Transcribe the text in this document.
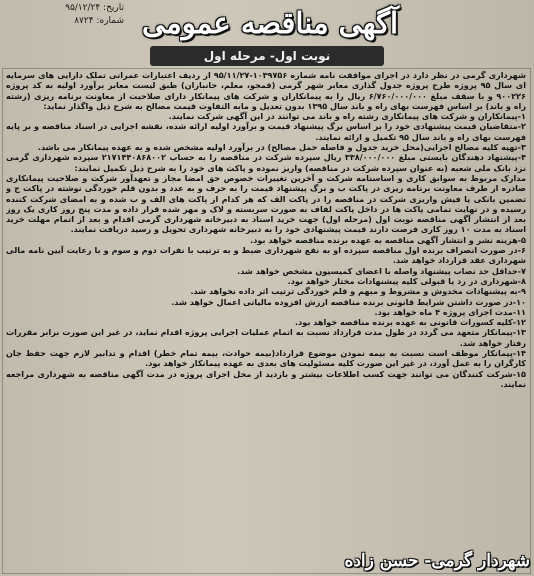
تاریخ: ۹۵/۱۲/۲۴
شماره: ۸۷۲۴ آگهی مناقصه عمومی
نوبت اول- مرحله اول

شهرداری گرمی در نظر دارد در اجرای موافقت نامه شماره ۱۰۳۹۷۵۶-۹۵/۱۱/۲۷ از ردیف اعتبارات عمرانی تملک دارایی های سرمایه ای سال ۹۵ پروژه طرح پروژه جدول گذاری معابر شهر گرمی (قمجو، معلم، جانبازان) طبق لیست معابر برآورد اولیه به کد پروژه ۹۰۰۲۲۶ و با سقف مبلغ ۶/۷۶۰/۰۰۰/۰۰۰ ریال را به پیمانکاران و شرکت های پیمانکار دارای صلاحیت از معاونت برنامه ریزی (رشته راه و باند) بر اساس فهرست بهای راه و باند سال ۱۳۹۵ بدون تعدیل و مابه التفاوت قیمت مصالح به شرح ذیل واگذار نماید:

۱-پیمانکاران و شرکت های پیمانکاری رشته راه و باند می توانند در این آگهی شرکت نمایند.

۲-متقاضیان قیمت پیشنهادی خود را بر اساس برگ پیشنهاد قیمت و برآورد اولیه ارائه شده، نقشه اجرایی در اسناد مناقصه و بر پایه فهرست بهای راه و باند سال ۹۵ تکمیل و ارائه نمایند.

۳-تهیه کلیه مصالح اجرایی(محل خرید جدول و فاصله حمل مصالح) در برآورد اولیه مشخص شده و به عهده پیمانکار می باشد.

۴-پیشنهاد دهندگان بایستی مبلغ ۳۳۸/۰۰۰/۰۰۰ ریال سپرده شرکت در مناقصه را به حساب ۲۱۷۱۴۴۰۸۶۸۰۰۲ سپرده شهرداری گرمی نزد بانک ملی شعبه (به عنوان سپرده شرکت در مناقصه) واریز نموده و پاکت های خود را به شرح ذیل تکمیل نمایند:

مدارک مربوط به سوابق کاری و اساسنامه شرکت و آخرین تغییرات خصوص حق امضا مجاز و تعهدآور شرکت و صلاحیت پیمانکاری صادره از طرف معاونت برنامه ریزی در پاکت ب و برگ پیشنهاد قیمت را به حرف و به عدد و بدون قلم خوردگی نوشته در پاکت ج و تضمین بانکی یا فیش واریزی شرکت در مناقصه را در پاکت الف که هر کدام از پاکت های الف و ب شده و به امضای شرکت کننده رسیده و در نهایت تمامی پاکت ها در داخل پاکت لفاف به صورت سربسته و لاک و مهر شده قرار داده و مدت پنج روز کاری یک روز بعد از انتشار آگهی مناقصه نوبت اول (مرحله اول) جهت خرید اسناد به دبیرخانه شهرداری گرمی اقدام و بعد از اتمام مهلت خرید اسناد به مدت ۱۰ روز کاری فرصت دارند قیمت پیشنهادی خود را به دبیرخانه شهرداری تحویل و رسید دریافت نمایند.

۵-هزینه نشر و انتشار آگهی مناقصه به عهده برنده مناقصه خواهد بود.

۶-در صورت انصراف برنده اول مناقصه سپرده او به نفع شهرداری ضبط و به ترتیب با نفرات دوم و سوم و با رعایت آیین نامه مالی شهرداری عقد قرارداد خواهد شد.

۷-حداقل حد نصاب پیشنهاد واصله با اعضای کمیسیون مشخص خواهد شد.

۸-شهرداری در رد یا قبولی کلیه پیشنهادات مختار خواهد بود.

۹-به پیشنهادات مخدوش و مشروط و مبهم و قلم خوردگی ترتیب اثر داده نخواهد شد.

۱۰-در صورت داشتن شرایط قانونی برنده مناقصه ارزش افزوده مالیاتی اعمال خواهد شد.

۱۱-مدت اجرای پروژه ۴ ماه خواهد بود.

۱۲-کلیه کسورات قانونی به عهده برنده مناقصه خواهد بود.

۱۳-پیمانکار متعهد می گردد در طول مدت قرارداد نسبت به اتمام عملیات اجرایی پروژه اقدام نماید، در غیر این صورت برابر مقررات رفتار خواهد شد.

۱۴-پیمانکار موظف است نسبت به بیمه نمودن موضوع قرارداد(بیمه حوادث، بیمه تمام خطر) اقدام و تدابیر لازم جهت حفظ جان کارگران را به عمل آورد، در غیر این صورت کلیه مسئولیت های بعدی به عهده پیمانکار خواهد بود.

۱۵-شرکت کنندگان می توانند جهت کسب اطلاعات بیشتر و بازدید از محل اجرای پروژه در مدت آگهی مناقصه به شهرداری مراجعه نمایند.

شهردار گرمی- حسن زاده
